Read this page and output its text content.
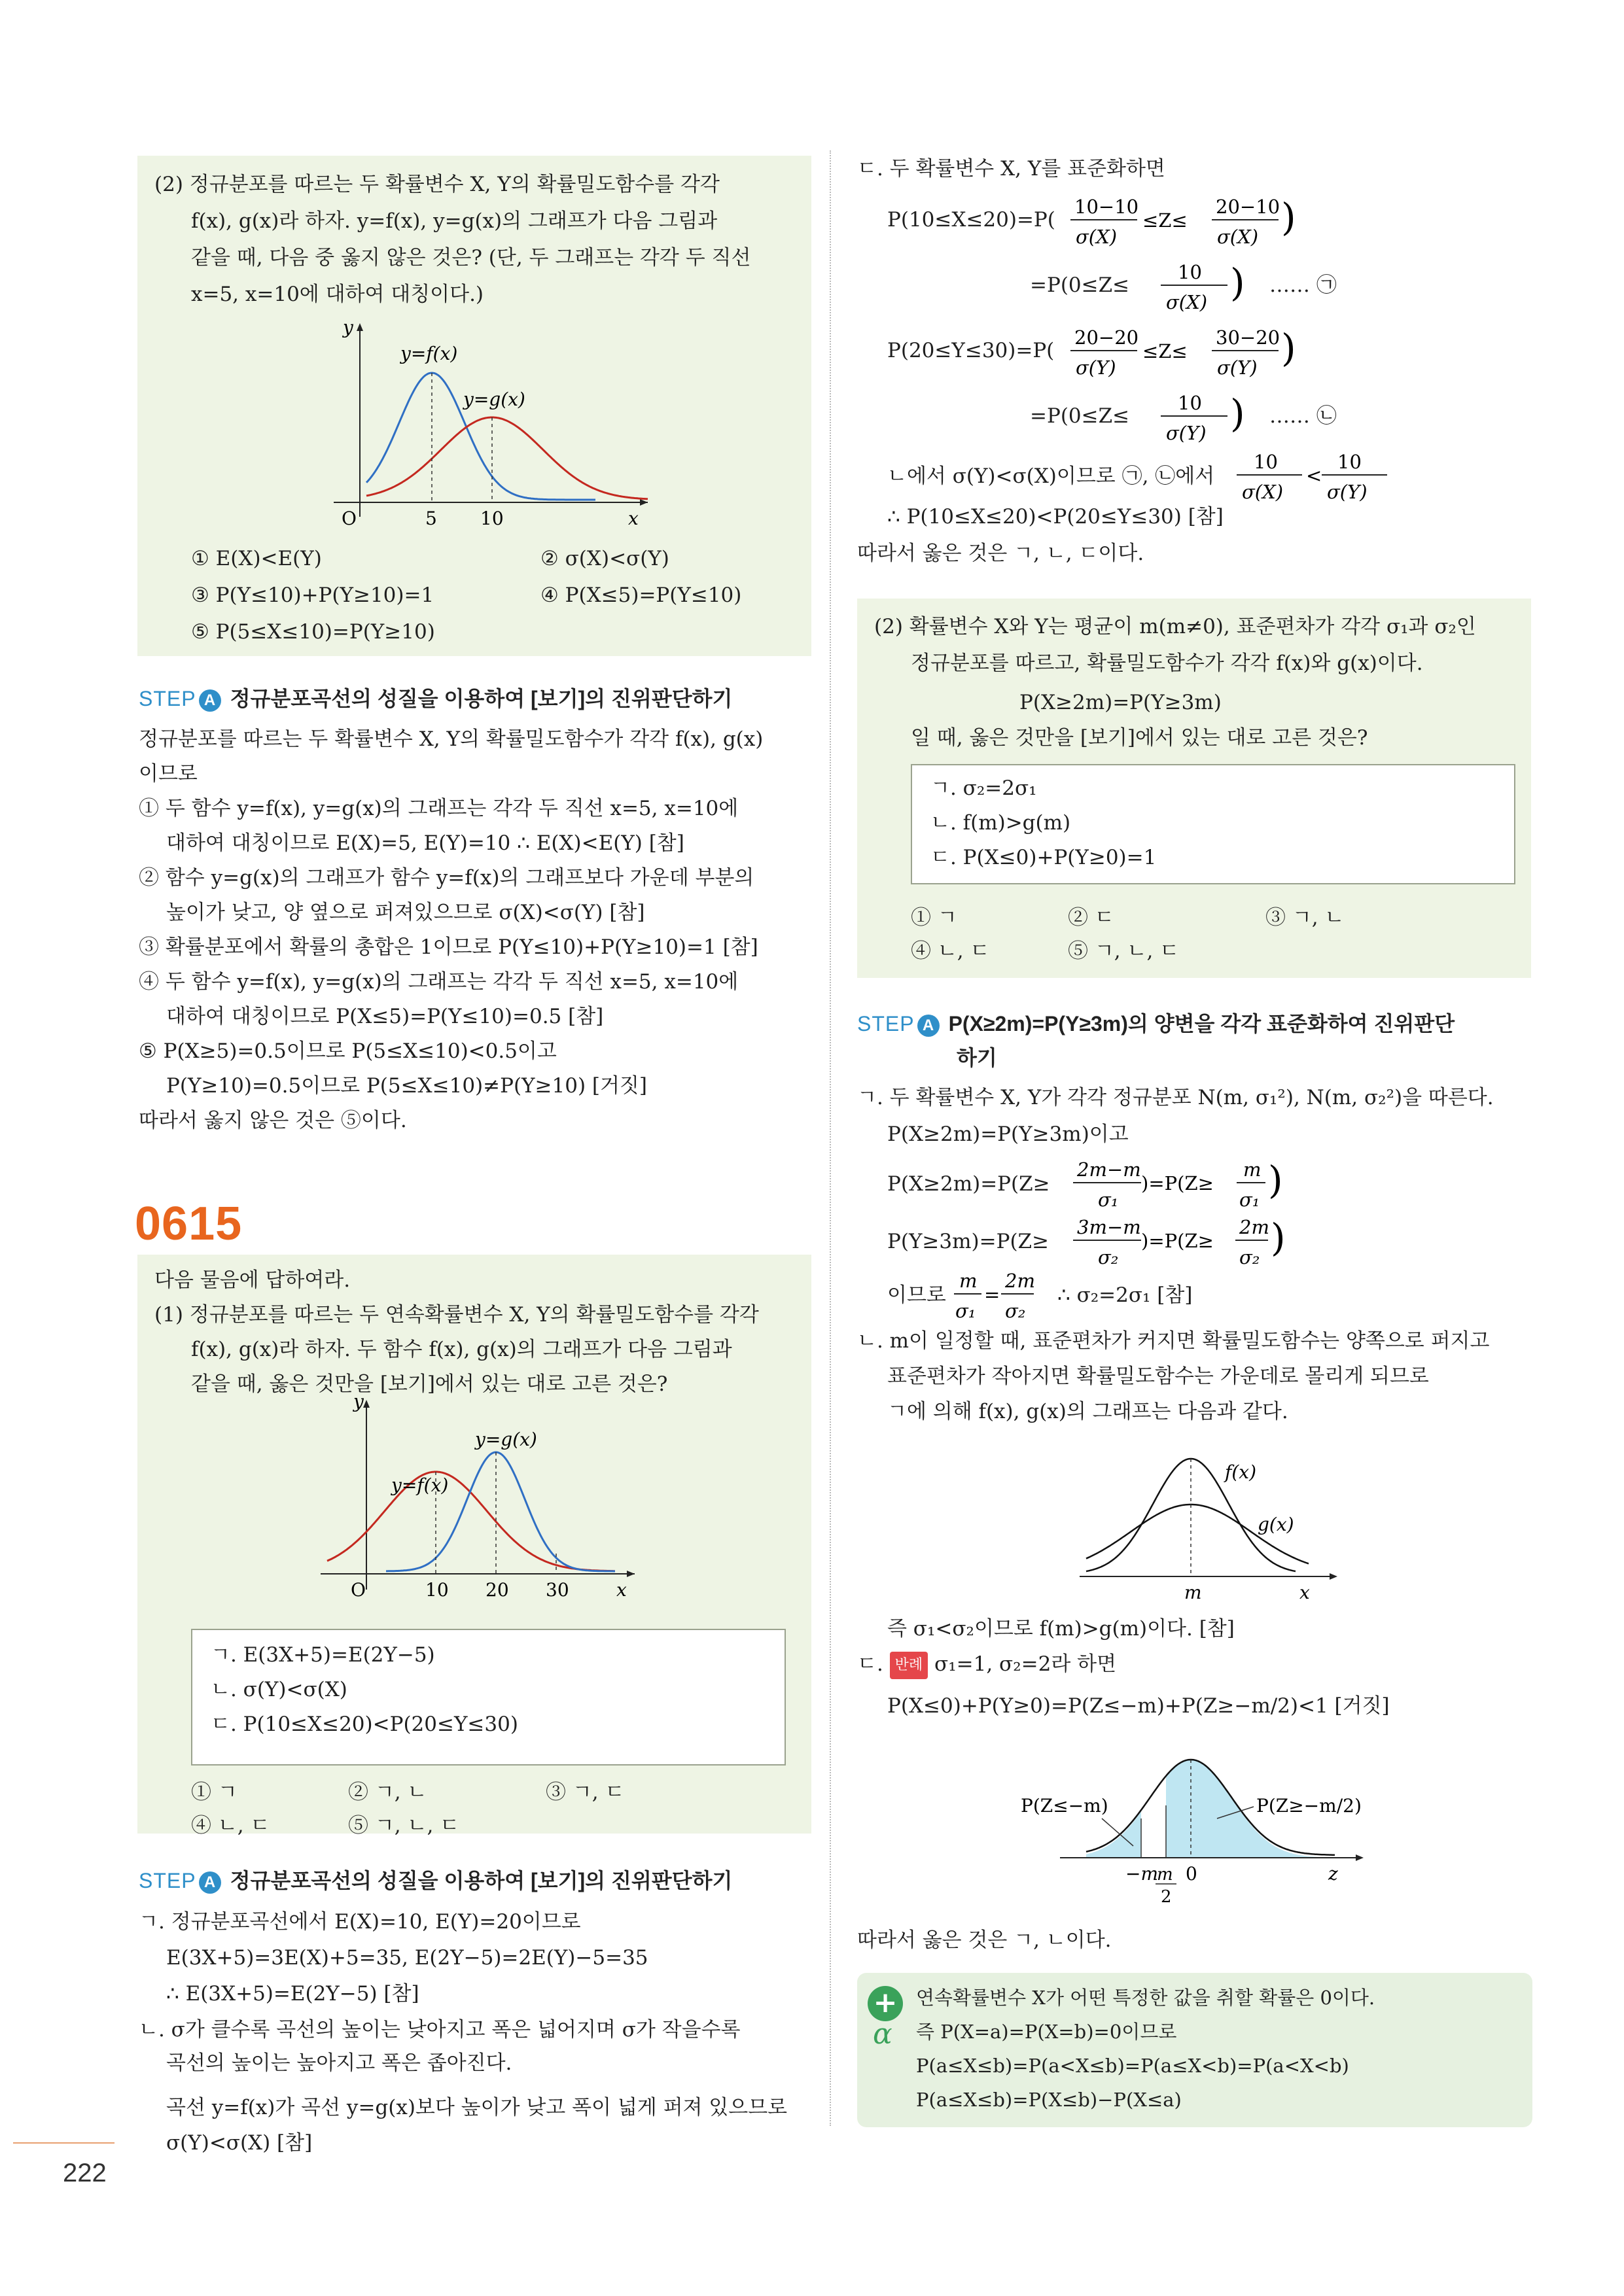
(2) 정규분포를 따르는 두 확률변수 X, Y의 확률밀도함수를 각각
f(x), g(x)라 하자. y=f(x), y=g(x)의 그래프가 다음 그림과
같을 때, 다음 중 옳지 않은 것은? (단, 두 그래프는 각각 두 직선
x=5, x=10에 대하여 대칭이다.)
y
x
O	5 10
y=f(x)
y=g(x)
① E(X)<E(Y)	② σ(X)<σ(Y)
③ P(Y≤10)+P(Y≥10)=1	④ P(X≤5)=P(Y≤10)
⑤ P(5≤X≤10)=P(Y≥10)
STEP A 정규분포곡선의 성질을 이용하여 [보기]의 진위판단하기
정규분포를 따르는 두 확률변수 X, Y의 확률밀도함수가 각각 f(x), g(x)
이므로
① 두 함수 y=f(x), y=g(x)의 그래프는 각각 두 직선 x=5, x=10에
대하여 대칭이므로 E(X)=5, E(Y)=10 ∴ E(X)<E(Y) [참]
② 함수 y=g(x)의 그래프가 함수 y=f(x)의 그래프보다 가운데 부분의
높이가 낮고, 양 옆으로 퍼져있으므로 σ(X)<σ(Y) [참]
③ 확률분포에서 확률의 총합은 1이므로 P(Y≤10)+P(Y≥10)=1 [참]
④ 두 함수 y=f(x), y=g(x)의 그래프는 각각 두 직선 x=5, x=10에
대하여 대칭이므로 P(X≤5)=P(Y≤10)=0.5 [참]
⑤ P(X≥5)=0.5이므로 P(5≤X≤10)<0.5이고
P(Y≥10)=0.5이므로 P(5≤X≤10)≠P(Y≥10) [거짓]
따라서 옳지 않은 것은 ⑤이다.
0615
다음 물음에 답하여라.
(1) 정규분포를 따르는 두 연속확률변수 X, Y의 확률밀도함수를 각각
f(x), g(x)라 하자. 두 함수 f(x), g(x)의 그래프가 다음 그림과
같을 때, 옳은 것만을 [보기]에서 있는 대로 고른 것은?
y
x
O	10 20 30
y=f(x)
y=g(x)
ㄱ. E(3X+5)=E(2Y−5)
ㄴ. σ(Y)<σ(X)
ㄷ. P(10≤X≤20)<P(20≤Y≤30)
① ㄱ	② ㄱ, ㄴ	③ ㄱ, ㄷ
④ ㄴ, ㄷ	⑤ ㄱ, ㄴ, ㄷ
STEP A 정규분포곡선의 성질을 이용하여 [보기]의 진위판단하기
ㄱ. 정규분포곡선에서 E(X)=10, E(Y)=20이므로
E(3X+5)=3E(X)+5=35, E(2Y−5)=2E(Y)−5=35
∴ E(3X+5)=E(2Y−5) [참]
ㄴ. σ가 클수록 곡선의 높이는 낮아지고 폭은 넓어지며 σ가 작을수록
곡선의 높이는 높아지고 폭은 좁아진다.
곡선 y=f(x)가 곡선 y=g(x)보다 높이가 낮고 폭이 넓게 퍼져 있으므로
σ(Y)<σ(X) [참]
222
ㄷ. 두 확률변수 X, Y를 표준화하면
P(10≤X≤20)=P(
10−10
σ(X)
≤Z≤
20−10
σ(X) )
=P(0≤Z≤
10
σ(X) ) …… ㉠
P(20≤Y≤30)=P(
20−20
σ(Y)
≤Z≤
30−20
σ(Y) )
=P(0≤Z≤
10
σ(Y) ) …… ㉡
ㄴ에서 σ(Y)<σ(X)이므로 ㉠, ㉡에서
10
σ(X)
<
10
σ(Y)
∴ P(10≤X≤20)<P(20≤Y≤30) [참]
따라서 옳은 것은 ㄱ, ㄴ, ㄷ이다.
(2) 확률변수 X와 Y는 평균이 m(m≠0), 표준편차가 각각 σ₁과 σ₂인
정규분포를 따르고, 확률밀도함수가 각각 f(x)와 g(x)이다.
P(X≥2m)=P(Y≥3m)
일 때, 옳은 것만을 [보기]에서 있는 대로 고른 것은?
ㄱ. σ₂=2σ₁
ㄴ. f(m)>g(m)
ㄷ. P(X≤0)+P(Y≥0)=1
① ㄱ	② ㄷ	③ ㄱ, ㄴ
④ ㄴ, ㄷ	⑤ ㄱ, ㄴ, ㄷ
STEP A P(X≥2m)=P(Y≥3m)의 양변을 각각 표준화하여 진위판단
하기
ㄱ. 두 확률변수 X, Y가 각각 정규분포 N(m, σ₁²), N(m, σ₂²)을 따른다.
P(X≥2m)=P(Y≥3m)이고
P(X≥2m)=P(Z≥
2m−m
σ₁
)=P(Z≥
m
σ₁ )
P(Y≥3m)=P(Z≥
3m−m
σ₂
)=P(Z≥
2m
σ₂ )
이므로
m
σ₁
=
2m
σ₂
∴ σ₂=2σ₁ [참]
ㄴ. m이 일정할 때, 표준편차가 커지면 확률밀도함수는 양쪽으로 퍼지고
표준편차가 작아지면 확률밀도함수는 가운데로 몰리게 되므로
ㄱ에 의해 f(x), g(x)의 그래프는 다음과 같다.
f(x)
g(x)
m	x
즉 σ₁<σ₂이므로 f(m)>g(m)이다. [참]
ㄷ. 반례 σ₁=1, σ₂=2라 하면
P(X≤0)+P(Y≥0)=P(Z≤−m)+P(Z≥−m/2)<1 [거짓]
P(Z≤−m)	P(Z≥−m/2)
−m
m
2
0	z
따라서 옳은 것은 ㄱ, ㄴ이다.
+
α
연속확률변수 X가 어떤 특정한 값을 취할 확률은 0이다.
즉 P(X=a)=P(X=b)=0이므로
P(a≤X≤b)=P(a<X≤b)=P(a≤X<b)=P(a<X<b)
P(a≤X≤b)=P(X≤b)−P(X≤a)
